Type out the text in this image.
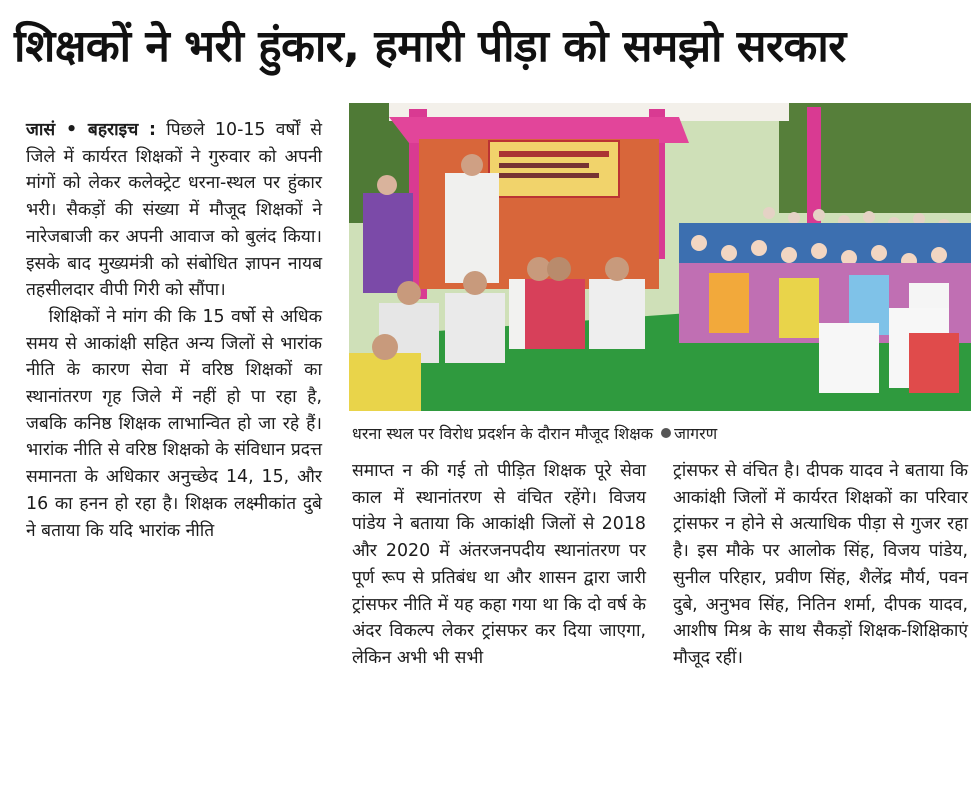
शिक्षकों ने भरी हुंकार, हमारी पीड़ा को समझो सरकार

जासं • बहराइच : पिछले 10-15 वर्षों से जिले में कार्यरत शिक्षकों ने गुरुवार को अपनी मांगों को लेकर कलेक्ट्रेट धरना-स्थल पर हुंकार भरी। सैकड़ों की संख्या में मौजूद शिक्षकों ने नारेजबाजी कर अपनी आवाज को बुलंद किया। इसके बाद मुख्यमंत्री को संबोधित ज्ञापन नायब तहसीलदार वीपी गिरी को सौंपा।

शिक्षिकों ने मांग की कि 15 वर्षो से अधिक समय से आकांक्षी सहित अन्य जिलों से भारांक नीति के कारण सेवा में वरिष्ठ शिक्षकों का स्थानांतरण गृह जिले में नहीं हो पा रहा है, जबकि कनिष्ठ शिक्षक लाभान्वित हो जा रहे हैं। भारांक नीति से वरिष्ठ शिक्षको के संविधान प्रदत्त समानता के अधिकार अनुच्छेद 14, 15, और 16 का हनन हो रहा है। शिक्षक लक्ष्मीकांत दुबे ने बताया कि यदि भारांक नीति

धरना स्थल पर विरोध प्रदर्शन के दौरान मौजूद शिक्षक जागरण

समाप्त न की गई तो पीड़ित शिक्षक पूरे सेवा काल में स्थानांतरण से वंचित रहेंगे। विजय पांडेय ने बताया कि आकांक्षी जिलों से 2018 और 2020 में अंतरजनपदीय स्थानांतरण पर पूर्ण रूप से प्रतिबंध था और शासन द्वारा जारी ट्रांसफर नीति में यह कहा गया था कि दो वर्ष के अंदर विकल्प लेकर ट्रांसफर कर दिया जाएगा, लेकिन अभी भी सभी

ट्रांसफर से वंचित है। दीपक यादव ने बताया कि आकांक्षी जिलों में कार्यरत शिक्षकों का परिवार ट्रांसफर न होने से अत्याधिक पीड़ा से गुजर रहा है। इस मौके पर आलोक सिंह, विजय पांडेय, सुनील परिहार, प्रवीण सिंह, शैलेंद्र मौर्य, पवन दुबे, अनुभव सिंह, नितिन शर्मा, दीपक यादव, आशीष मिश्र के साथ सैकड़ों शिक्षक-शिक्षिकाएं मौजूद रहीं।
